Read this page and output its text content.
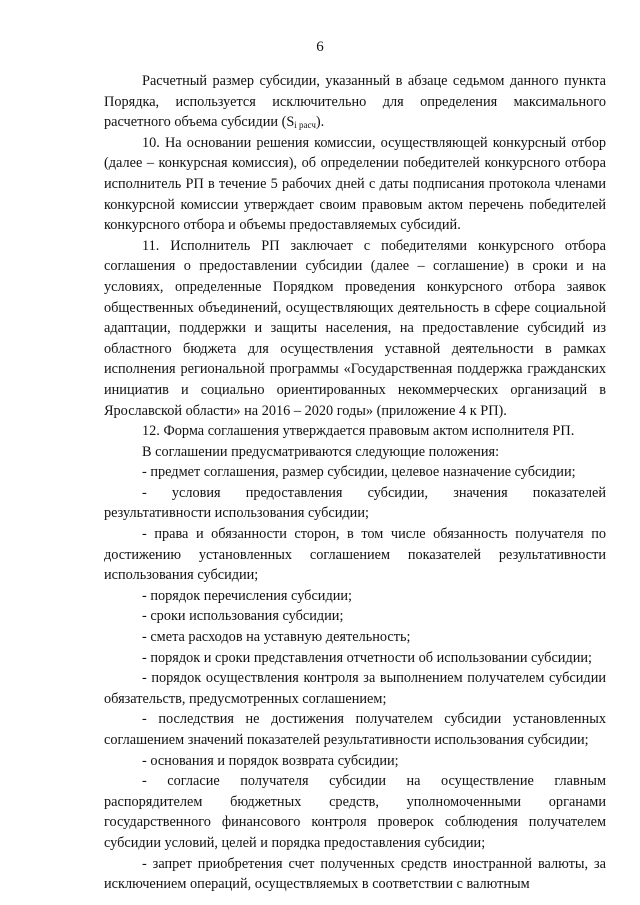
6

Расчетный размер субсидии, указанный в абзаце седьмом данного пункта Порядка, используется исключительно для определения максимального расчетного объема субсидии $(S_{i расч})$.

10. На основании решения комиссии, осуществляющей конкурсный отбор (далее – конкурсная комиссия), об определении победителей конкурсного отбора исполнитель РП в течение 5 рабочих дней с даты подписания протокола членами конкурсной комиссии утверждает своим правовым актом перечень победителей конкурсного отбора и объемы предоставляемых субсидий.

11. Исполнитель РП заключает с победителями конкурсного отбора соглашения о предоставлении субсидии (далее – соглашение) в сроки и на условиях, определенные Порядком проведения конкурсного отбора заявок общественных объединений, осуществляющих деятельность в сфере социальной адаптации, поддержки и защиты населения, на предоставление субсидий из областного бюджета для осуществления уставной деятельности в рамках исполнения региональной программы «Государственная поддержка гражданских инициатив и социально ориентированных некоммерческих организаций в Ярославской области» на 2016 – 2020 годы» (приложение 4 к РП).

12. Форма соглашения утверждается правовым актом исполнителя РП.

В соглашении предусматриваются следующие положения:

- предмет соглашения, размер субсидии, целевое назначение субсидии;

- условия предоставления субсидии, значения показателей результативности использования субсидии;

- права и обязанности сторон, в том числе обязанность получателя по достижению установленных соглашением показателей результативности использования субсидии;

- порядок перечисления субсидии;

- сроки использования субсидии;

- смета расходов на уставную деятельность;

- порядок и сроки представления отчетности об использовании субсидии;

- порядок осуществления контроля за выполнением получателем субсидии обязательств, предусмотренных соглашением;

- последствия не достижения получателем субсидии установленных соглашением значений показателей результативности использования субсидии;

- основания и порядок возврата субсидии;

- согласие получателя субсидии на осуществление главным распорядителем бюджетных средств, уполномоченными органами государственного финансового контроля проверок соблюдения получателем субсидии условий, целей и порядка предоставления субсидии;

- запрет приобретения счет полученных средств иностранной валюты, за исключением операций, осуществляемых в соответствии с валютным
